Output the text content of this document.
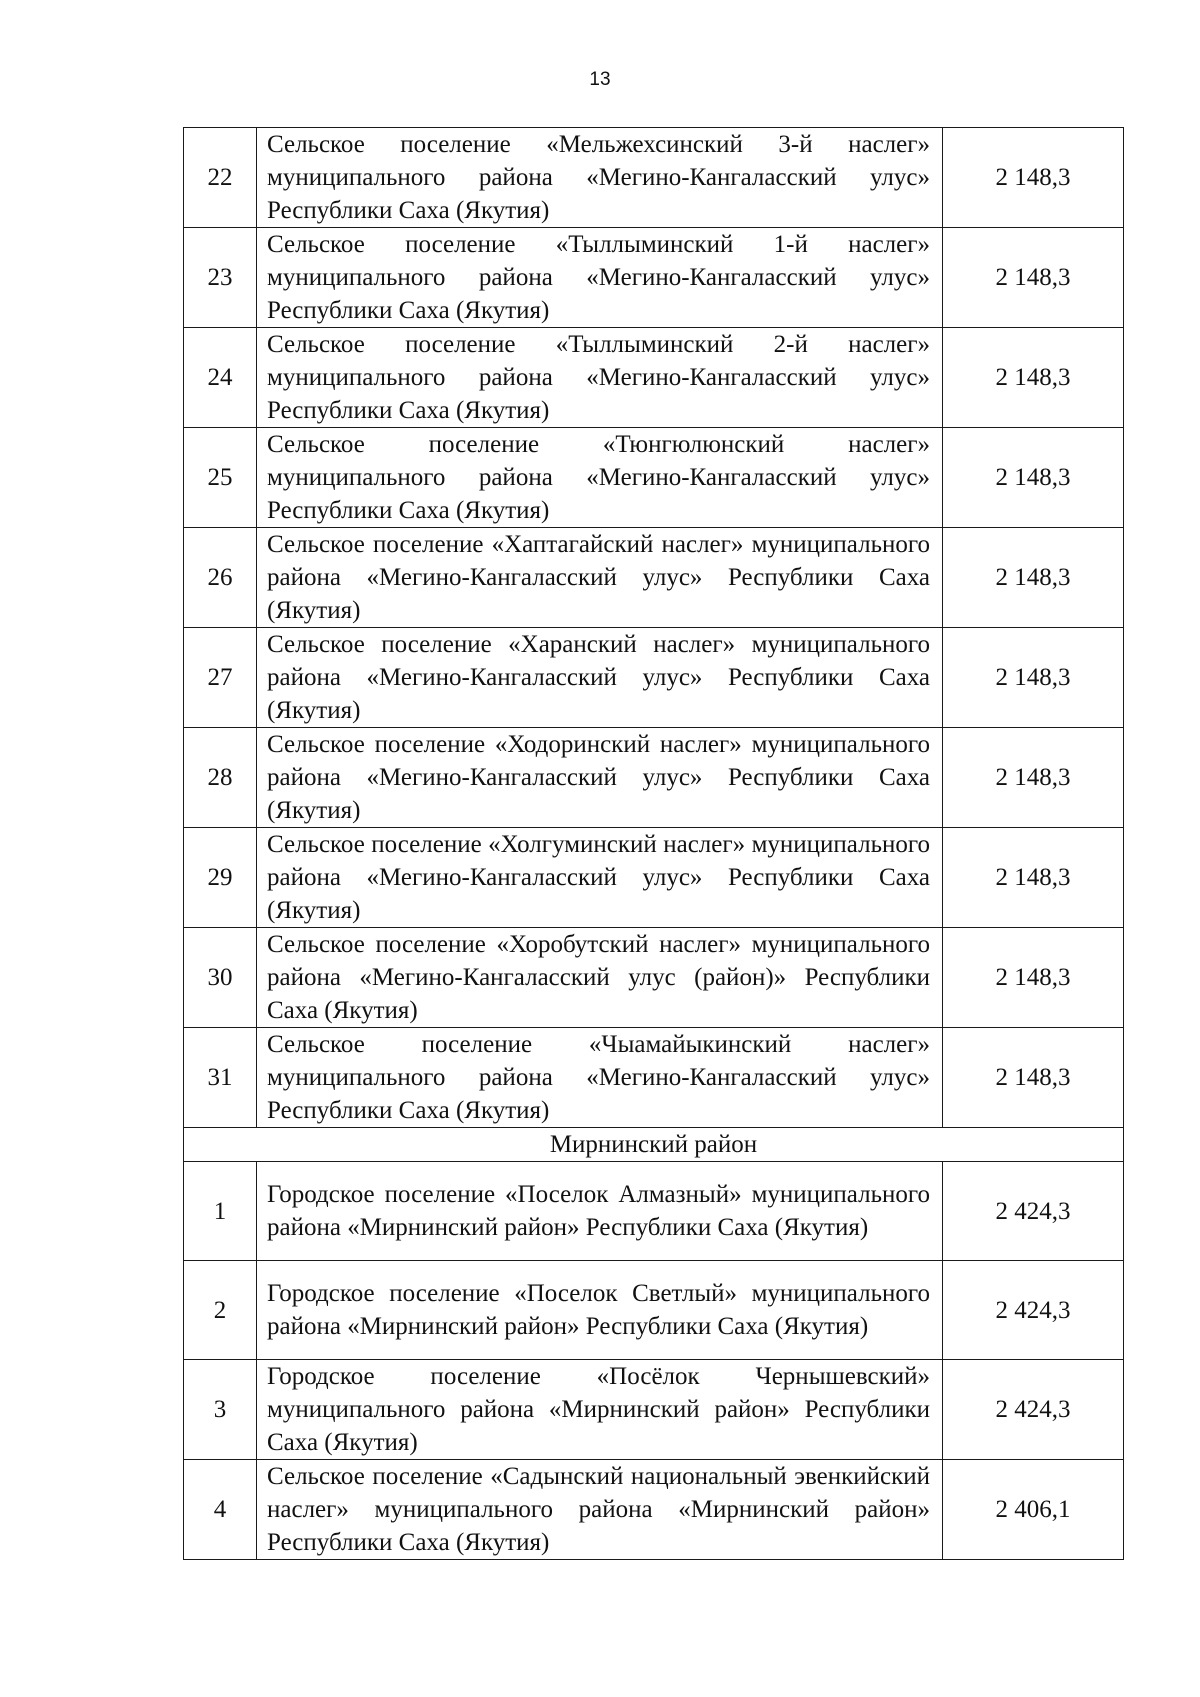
13
22	Сельское поселение «Мельжехсинский 3-й наслег» муниципального района «Мегино-Кангаласский улус» Республики Саха (Якутия)	2 148,3
23	Сельское поселение «Тыллыминский 1-й наслег» муниципального района «Мегино-Кангаласский улус» Республики Саха (Якутия)	2 148,3
24	Сельское поселение «Тыллыминский 2-й наслег» муниципального района «Мегино-Кангаласский улус» Республики Саха (Якутия)	2 148,3
25	Сельское поселение «Тюнгюлюнский наслег» муниципального района «Мегино-Кангаласский улус» Республики Саха (Якутия)	2 148,3
26	Сельское поселение «Хаптагайский наслег» муниципального района «Мегино-Кангаласский улус» Республики Саха (Якутия)	2 148,3
27	Сельское поселение «Харанский наслег» муниципального района «Мегино-Кангаласский улус» Республики Саха (Якутия)	2 148,3
28	Сельское поселение «Ходоринский наслег» муниципального района «Мегино-Кангаласский улус» Республики Саха (Якутия)	2 148,3
29	Сельское поселение «Холгуминский наслег» муниципального района «Мегино-Кангаласский улус» Республики Саха (Якутия)	2 148,3
30	Сельское поселение «Хоробутский наслег» муниципального района «Мегино-Кангаласский улус (район)» Республики Саха (Якутия)	2 148,3
31	Сельское поселение «Чыамайыкинский наслег» муниципального района «Мегино-Кангаласский улус» Республики Саха (Якутия)	2 148,3
Мирнинский район		
1	Городское поселение «Поселок Алмазный» муниципального района «Мирнинский район» Республики Саха (Якутия)	2 424,3
2	Городское поселение «Поселок Светлый» муниципального района «Мирнинский район» Республики Саха (Якутия)	2 424,3
3	Городское поселение «Посёлок Чернышевский» муниципального района «Мирнинский район» Республики Саха (Якутия)	2 424,3
4	Сельское поселение «Садынский национальный эвенкийский наслег» муниципального района «Мирнинский район» Республики Саха (Якутия)	2 406,1
